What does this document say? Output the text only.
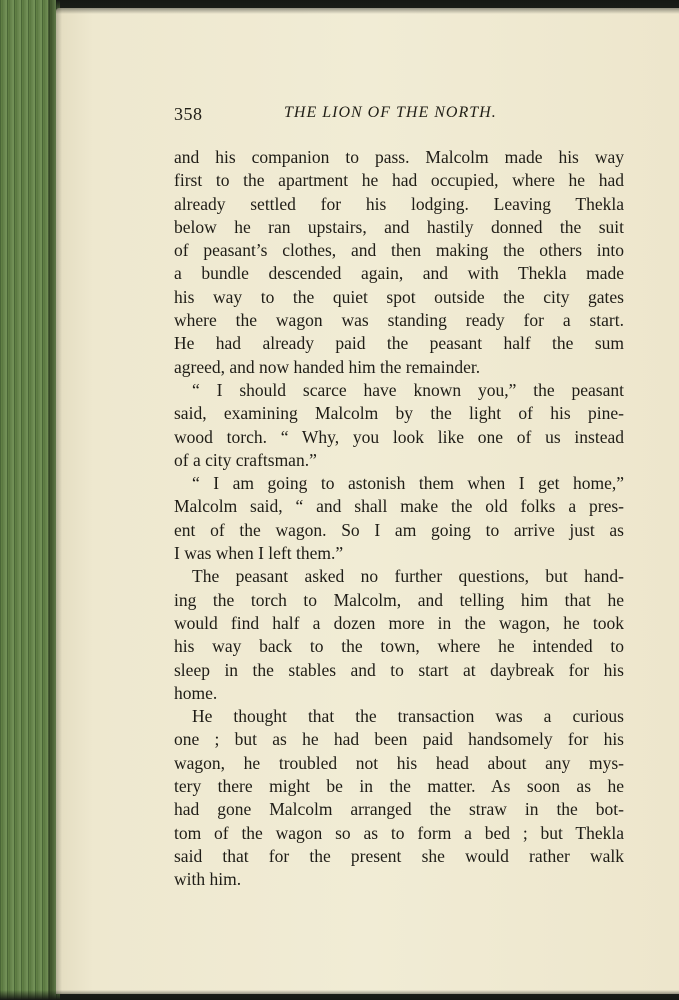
358	THE LION OF THE NORTH.
and his companion to pass. Malcolm made his way
first to the apartment he had occupied, where he had
already settled for his lodging. Leaving Thekla
below he ran upstairs, and hastily donned the suit
of peasant’s clothes, and then making the others into
a bundle descended again, and with Thekla made
his way to the quiet spot outside the city gates
where the wagon was standing ready for a start.
He had already paid the peasant half the sum
agreed, and now handed him the remainder.
“ I should scarce have known you,” the peasant
said, examining Malcolm by the light of his pine-
wood torch. “ Why, you look like one of us instead
of a city craftsman.”
“ I am going to astonish them when I get home,”
Malcolm said, “ and shall make the old folks a pres-
ent of the wagon. So I am going to arrive just as
I was when I left them.”
The peasant asked no further questions, but hand-
ing the torch to Malcolm, and telling him that he
would find half a dozen more in the wagon, he took
his way back to the town, where he intended to
sleep in the stables and to start at daybreak for his
home.
He thought that the transaction was a curious
one ; but as he had been paid handsomely for his
wagon, he troubled not his head about any mys-
tery there might be in the matter. As soon as he
had gone Malcolm arranged the straw in the bot-
tom of the wagon so as to form a bed ; but Thekla
said that for the present she would rather walk
with him.
